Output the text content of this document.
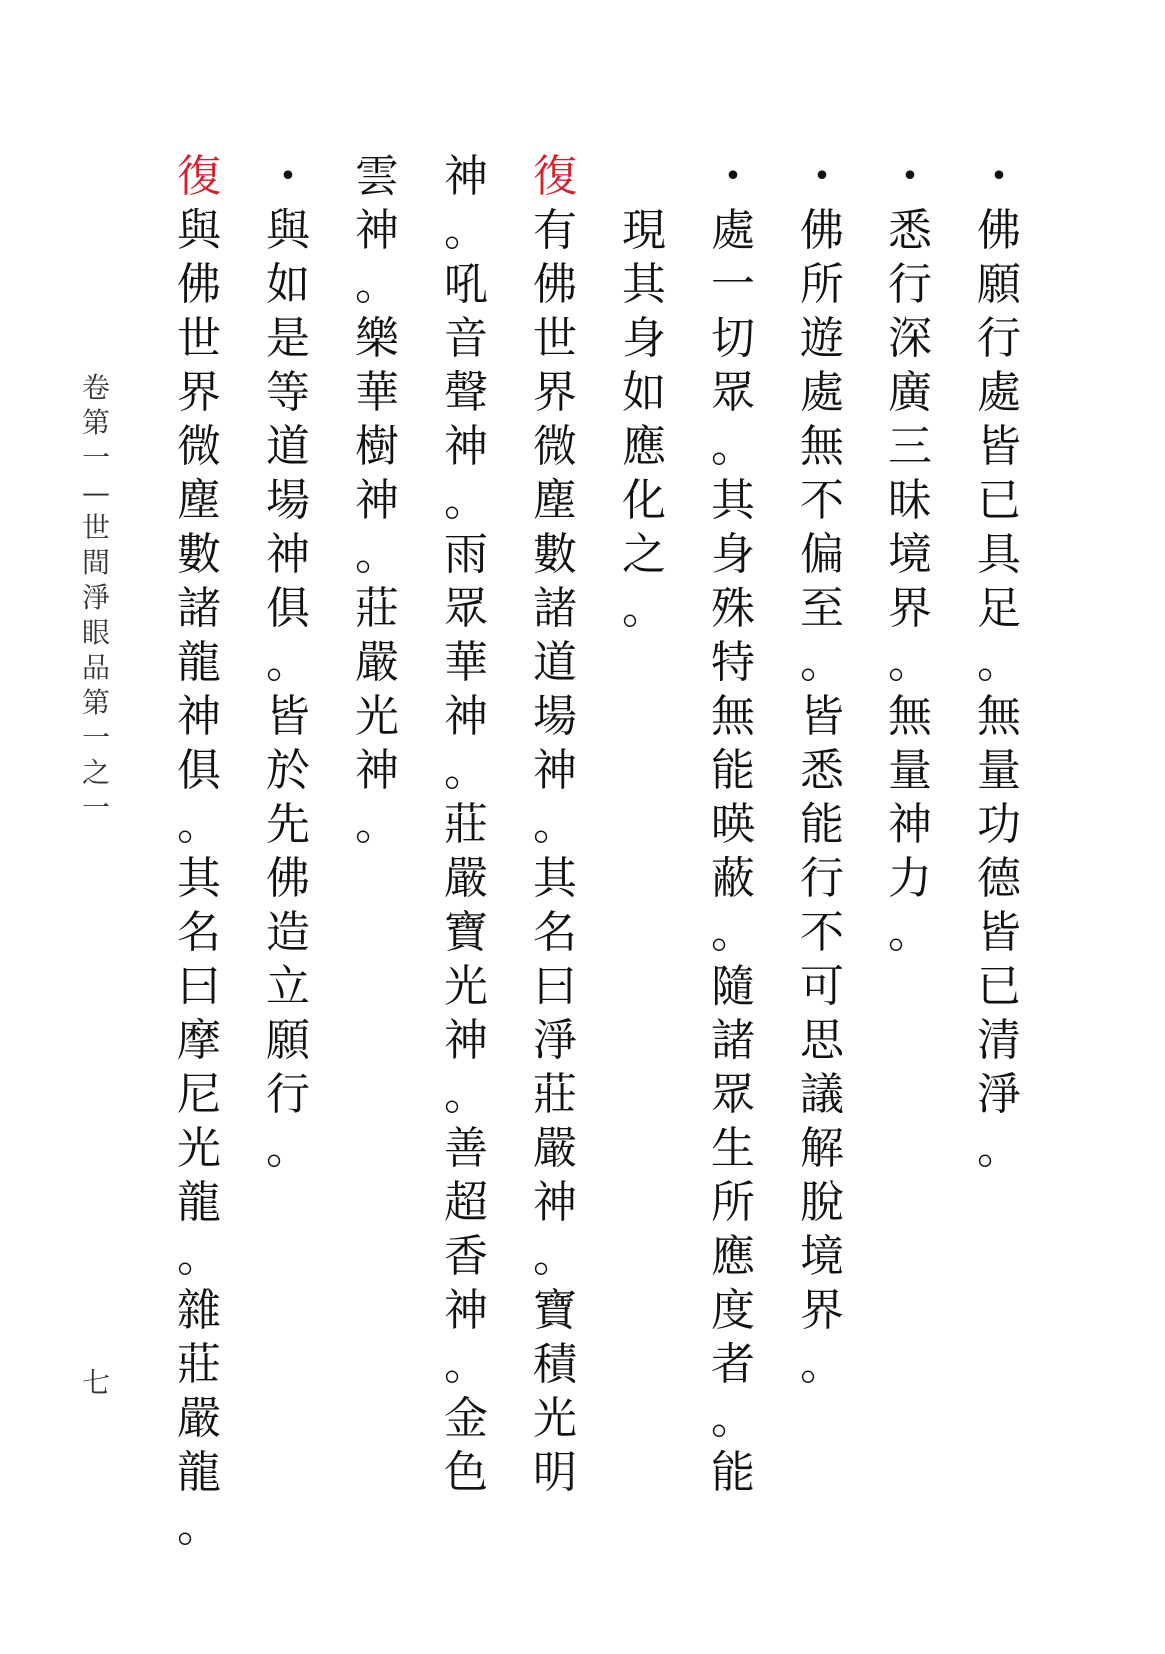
•
佛
願
行
處
皆
已
具
足
。
無
量
功
德
皆
已
清
淨
。
•
悉
行
深
廣
三
昧
境
界
。
無
量
神
力
。
•
佛
所
遊
處
無
不
偏
至
。
皆
悉
能
行
不
可
思
議
解
脫
境
界
。
•
處
一
切
眾
。
其
身
殊
特
無
能
暎
蔽
。
隨
諸
眾
生
所
應
度
者
。
能
現
其
身
如
應
化
之
。
復
有
佛
世
界
微
塵
數
諸
道
場
神
。
其
名
曰
淨
莊
嚴
神
。
寶
積
光
明
神
。
吼
音
聲
神
。
雨
眾
華
神
。
莊
嚴
寶
光
神
。
善
超
香
神
。
金
色
雲
神
。
樂
華
樹
神
。
莊
嚴
光
神
。
•
與
如
是
等
道
場
神
俱
。
皆
於
先
佛
造
立
願
行
。
復
與
佛
世
界
微
塵
數
諸
龍
神
俱
。
其
名
曰
摩
尼
光
龍
。
雜
莊
嚴
龍
。
卷
第
一
—
世
間
淨
眼
品
第
一
之
一
七
